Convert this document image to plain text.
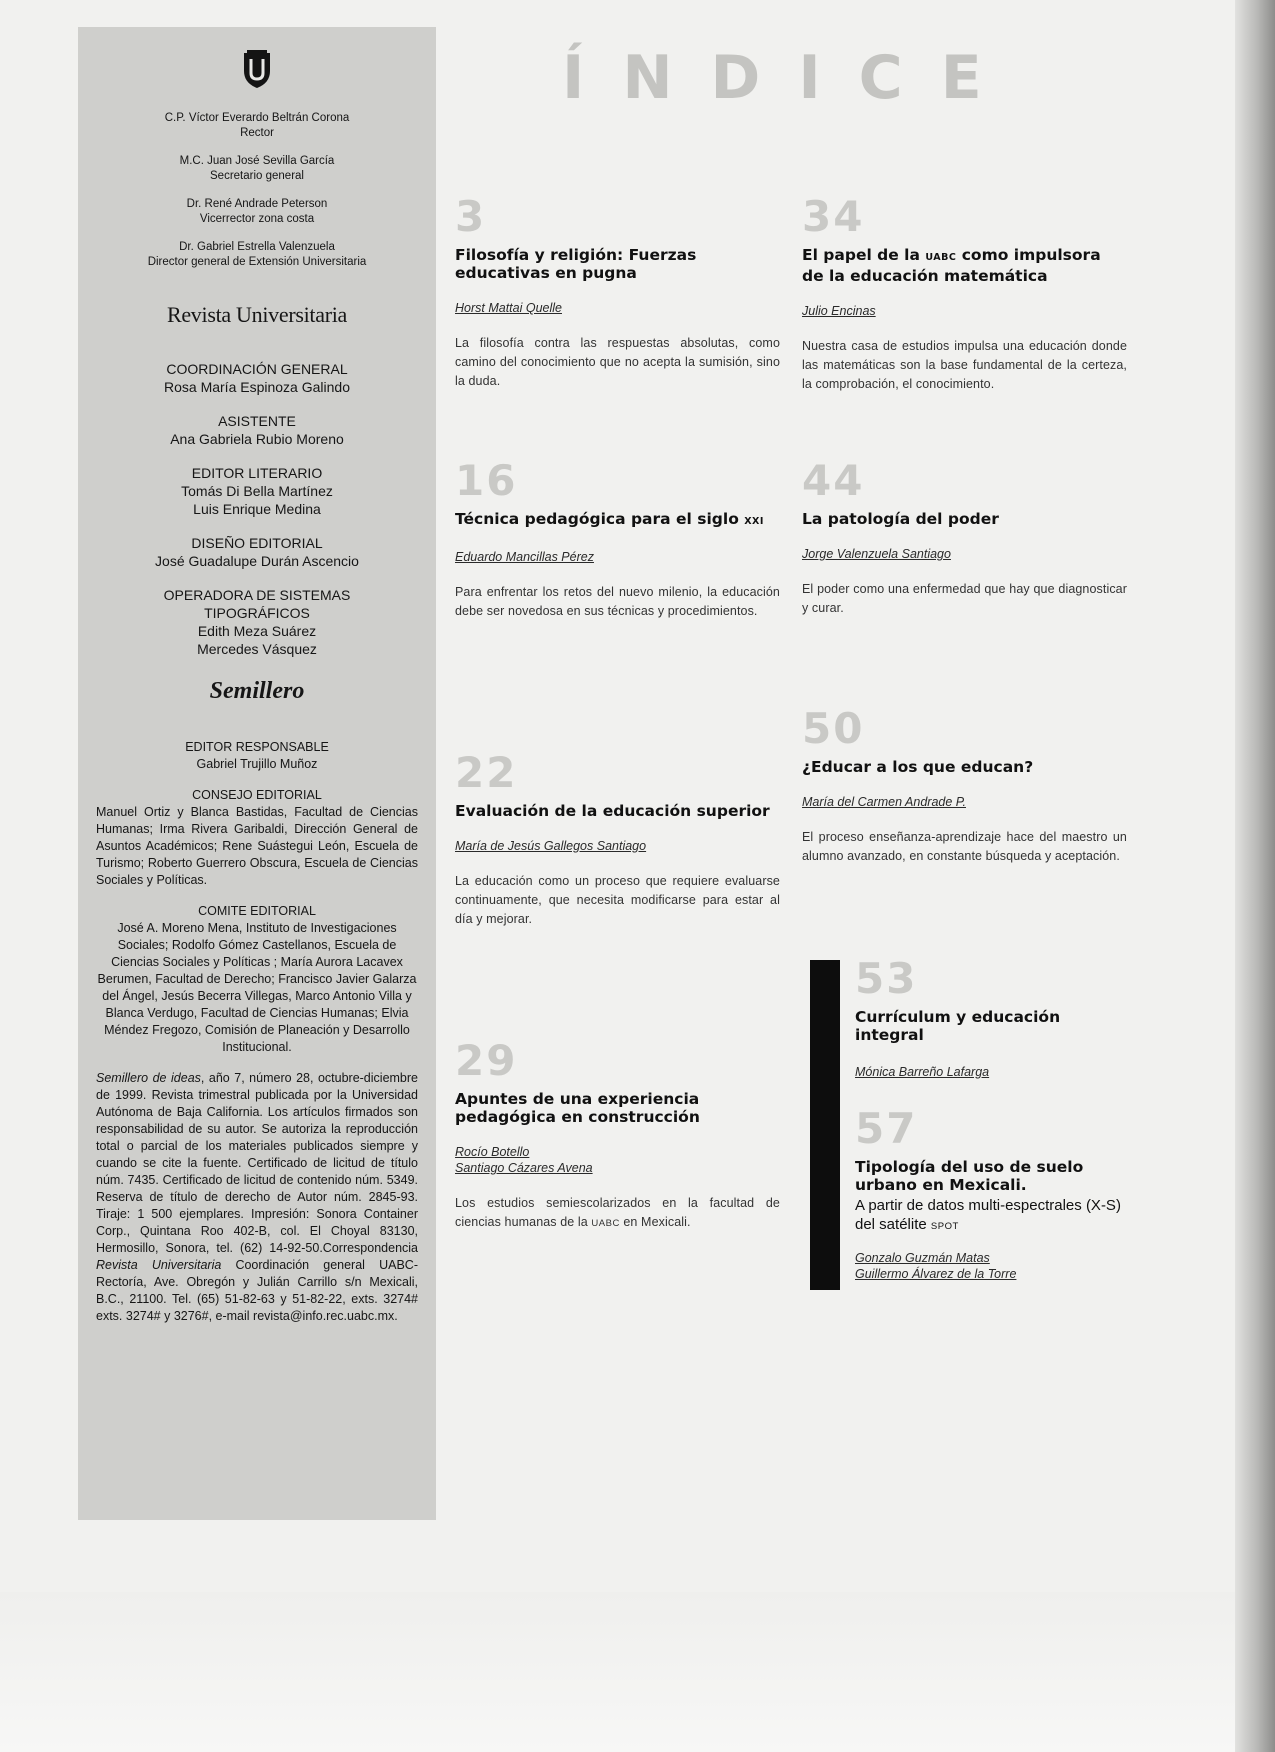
C.P. Víctor Everardo Beltrán Corona
Rector
M.C. Juan José Sevilla García
Secretario general
Dr. René Andrade Peterson
Vicerrector zona costa
Dr. Gabriel Estrella Valenzuela
Director general de Extensión Universitaria
Revista Universitaria
COORDINACIÓN GENERAL
Rosa María Espinoza Galindo
ASISTENTE
Ana Gabriela Rubio Moreno
EDITOR LITERARIO
Tomás Di Bella Martínez
Luis Enrique Medina
DISEÑO EDITORIAL
José Guadalupe Durán Ascencio
OPERADORA DE SISTEMAS
TIPOGRÁFICOS
Edith Meza Suárez
Mercedes Vásquez
Semillero
EDITOR RESPONSABLE
Gabriel Trujillo Muñoz
CONSEJO EDITORIAL
Manuel Ortiz y Blanca Bastidas, Facultad de Ciencias Humanas; Irma Rivera Garibaldi, Dirección General de Asuntos Académicos; Rene Suástegui León, Escuela de Turismo; Roberto Guerrero Obscura, Escuela de Ciencias Sociales y Políticas.
COMITE EDITORIAL
José A. Moreno Mena, Instituto de Investigaciones Sociales; Rodolfo Gómez Castellanos, Escuela de Ciencias Sociales y Políticas ; María Aurora Lacavex Berumen, Facultad de Derecho; Francisco Javier Galarza del Ángel, Jesús Becerra Villegas, Marco Antonio Villa y Blanca Verdugo, Facultad de Ciencias Humanas; Elvia Méndez Fregozo, Comisión de Planeación y Desarrollo Institucional.
Semillero de ideas, año 7, número 28, octubre-diciembre de 1999. Revista trimestral publicada por la Universidad Autónoma de Baja California. Los artículos firmados son responsabilidad de su autor. Se autoriza la reproducción total o parcial de los materiales publicados siempre y cuando se cite la fuente. Certificado de licitud de título núm. 7435. Certificado de licitud de contenido núm. 5349. Reserva de título de derecho de Autor núm. 2845-93. Tiraje: 1 500 ejemplares. Impresión: Sonora Container Corp., Quintana Roo 402-B, col. El Choyal 83130, Hermosillo, Sonora, tel. (62) 14-92-50.Correspondencia Revista Universitaria Coordinación general UABC-Rectoría, Ave. Obregón y Julián Carrillo s/n Mexicali, B.C., 21100. Tel. (65) 51-82-63 y 51-82-22, exts. 3274# exts. 3274# y 3276#, e-mail revista@info.rec.uabc.mx.
ÍNDICE
3
Filosofía y religión: Fuerzas educativas en pugna
Horst Mattai Quelle
La filosofía contra las respuestas absolutas, como camino del conocimiento que no acepta la sumisión, sino la duda.
16
Técnica pedagógica para el siglo XXI
Eduardo Mancillas Pérez
Para enfrentar los retos del nuevo milenio, la educación debe ser novedosa en sus técnicas y procedimientos.
22
Evaluación de la educación superior
María de Jesús Gallegos Santiago
La educación como un proceso que requiere evaluarse continuamente, que necesita modificarse para estar al día y mejorar.
29
Apuntes de una experiencia pedagógica en construcción
Rocío Botello
Santiago Cázares Avena
Los estudios semiescolarizados en la facultad de ciencias humanas de la UABC en Mexicali.
34
El papel de la UABC como impulsora de la educación matemática
Julio Encinas
Nuestra casa de estudios impulsa una educación donde las matemáticas son la base fundamental de la certeza, la comprobación, el conocimiento.
44
La patología del poder
Jorge Valenzuela Santiago
El poder como una enfermedad que hay que diagnosticar y curar.
50
¿Educar a los que educan?
María del Carmen Andrade P.
El proceso enseñanza-aprendizaje hace del maestro un alumno avanzado, en constante búsqueda y aceptación.
53
Currículum y educación integral
Mónica Barreño Lafarga
57
Tipología del uso de suelo urbano en Mexicali.
A partir de datos multi-espectrales (X-S) del satélite SPOT
Gonzalo Guzmán Matas
Guillermo Álvarez de la Torre
